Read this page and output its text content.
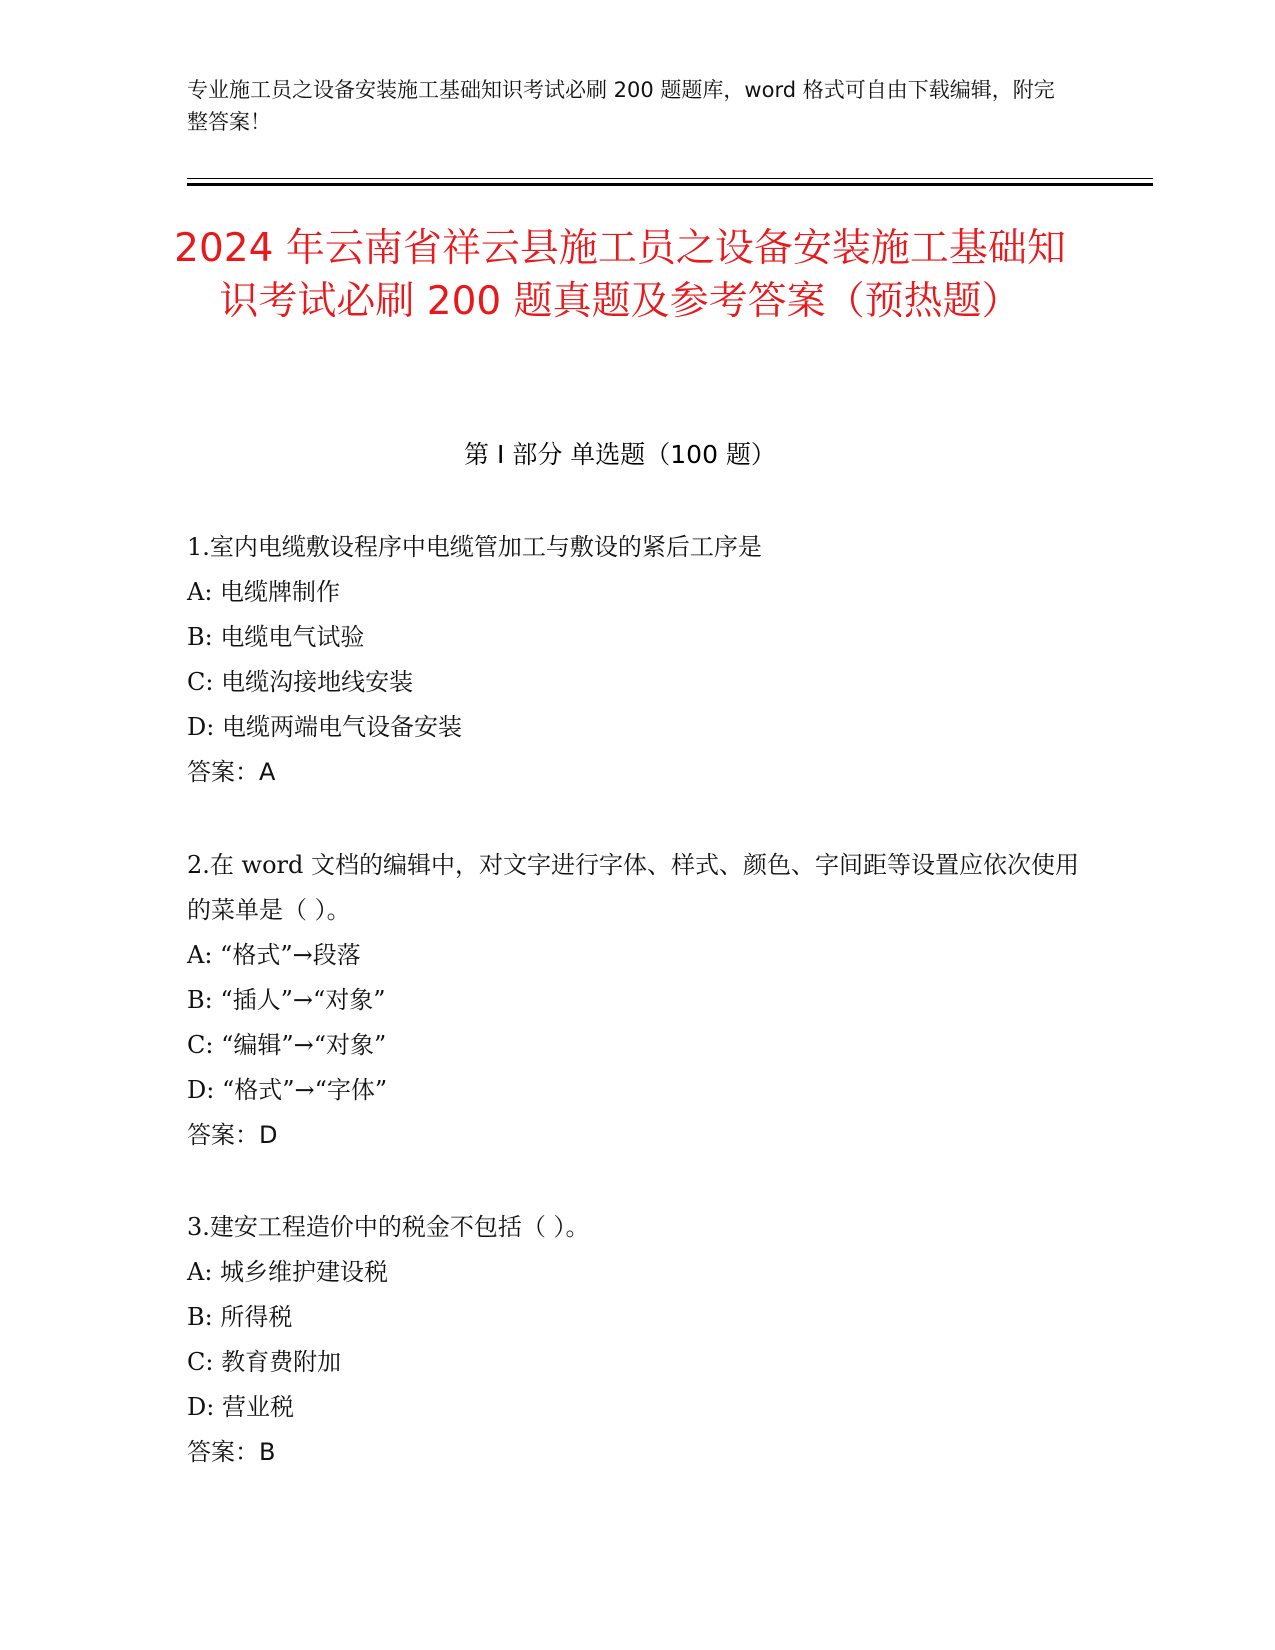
专业施工员之设备安装施工基础知识考试必刷 200 题题库，word 格式可自由下载编辑，附完整答案！
2024 年云南省祥云县施工员之设备安装施工基础知识考试必刷 200 题真题及参考答案（预热题）
第 I 部分 单选题（100 题）
1.室内电缆敷设程序中电缆管加工与敷设的紧后工序是
A: 电缆牌制作
B: 电缆电气试验
C: 电缆沟接地线安装
D: 电缆两端电气设备安装
答案：A
2.在 word 文档的编辑中，对文字进行字体、样式、颜色、字间距等设置应依次使用的菜单是（ ）。
A: “格式”→段落
B: “插人”→“对象”
C: “编辑”→“对象”
D: “格式”→“字体”
答案：D
3.建安工程造价中的税金不包括（ ）。
A: 城乡维护建设税
B: 所得税
C: 教育费附加
D: 营业税
答案：B
